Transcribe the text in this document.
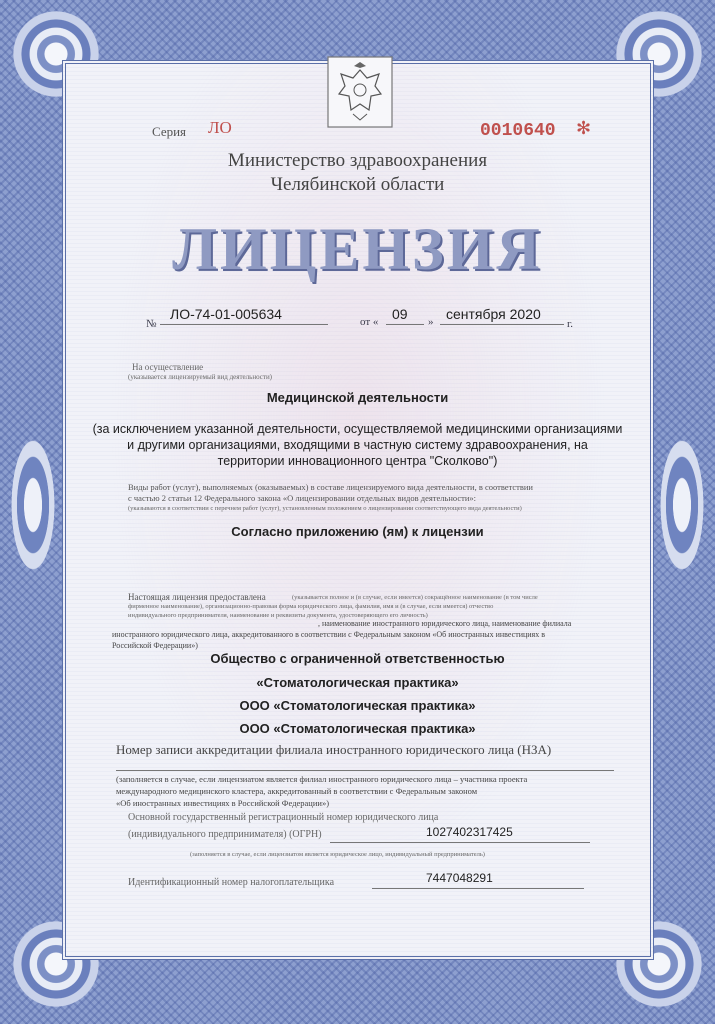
Серия ЛО	0010640 ✻
Министерство здравоохранения
Челябинской области
ЛИЦЕНЗИЯ
№
ЛО-74-01-005634	от « 09 » сентября 2020
г.
На осуществление
(указывается лицензируемый вид деятельности)
Медицинской деятельности
(за исключением указанной деятельности, осуществляемой медицинскими организациями
и другими организациями, входящими в частную систему здравоохранения, на
территории инновационного центра "Сколково")
Виды работ (услуг), выполняемых (оказываемых) в составе лицензируемого вида деятельности, в соответствии
с частью 2 статьи 12 Федерального закона «О лицензировании отдельных видов деятельности»:
(указываются в соответствии с перечнем работ (услуг), установленным положением о лицензировании соответствующего вида деятельности)
Согласно приложению (ям) к лицензии
Настоящая лицензия предоставлена	(указывается полное и (в случае, если имеется) сокращённое наименование (в том числе
фирменное наименование), организационно-правовая форма юридического лица, фамилия, имя и (в случае, если имеется) отчество
индивидуального предпринимателя, наименование и реквизиты документа, удостоверяющего его личность)
, наименование иностранного юридического лица, наименование филиала
иностранного юридического лица, аккредитованного в соответствии с Федеральным законом «Об иностранных инвестициях в
Российской Федерации»)
Общество с ограниченной ответственностью
«Стоматологическая практика»
ООО «Стоматологическая практика»
ООО «Стоматологическая практика»
Номер записи аккредитации филиала иностранного юридического лица (НЗА)
(заполняется в случае, если лицензиатом является филиал иностранного юридического лица – участника проекта
международного медицинского кластера, аккредитованный в соответствии с Федеральным законом
«Об иностранных инвестициях в Российской Федерации»)
Основной государственный регистрационный номер юридического лица
(индивидуального предпринимателя) (ОГРН)	1027402317425
(заполняется в случае, если лицензиатом является юридическое лицо, индивидуальный предприниматель)
Идентификационный номер налогоплательщика	7447048291
